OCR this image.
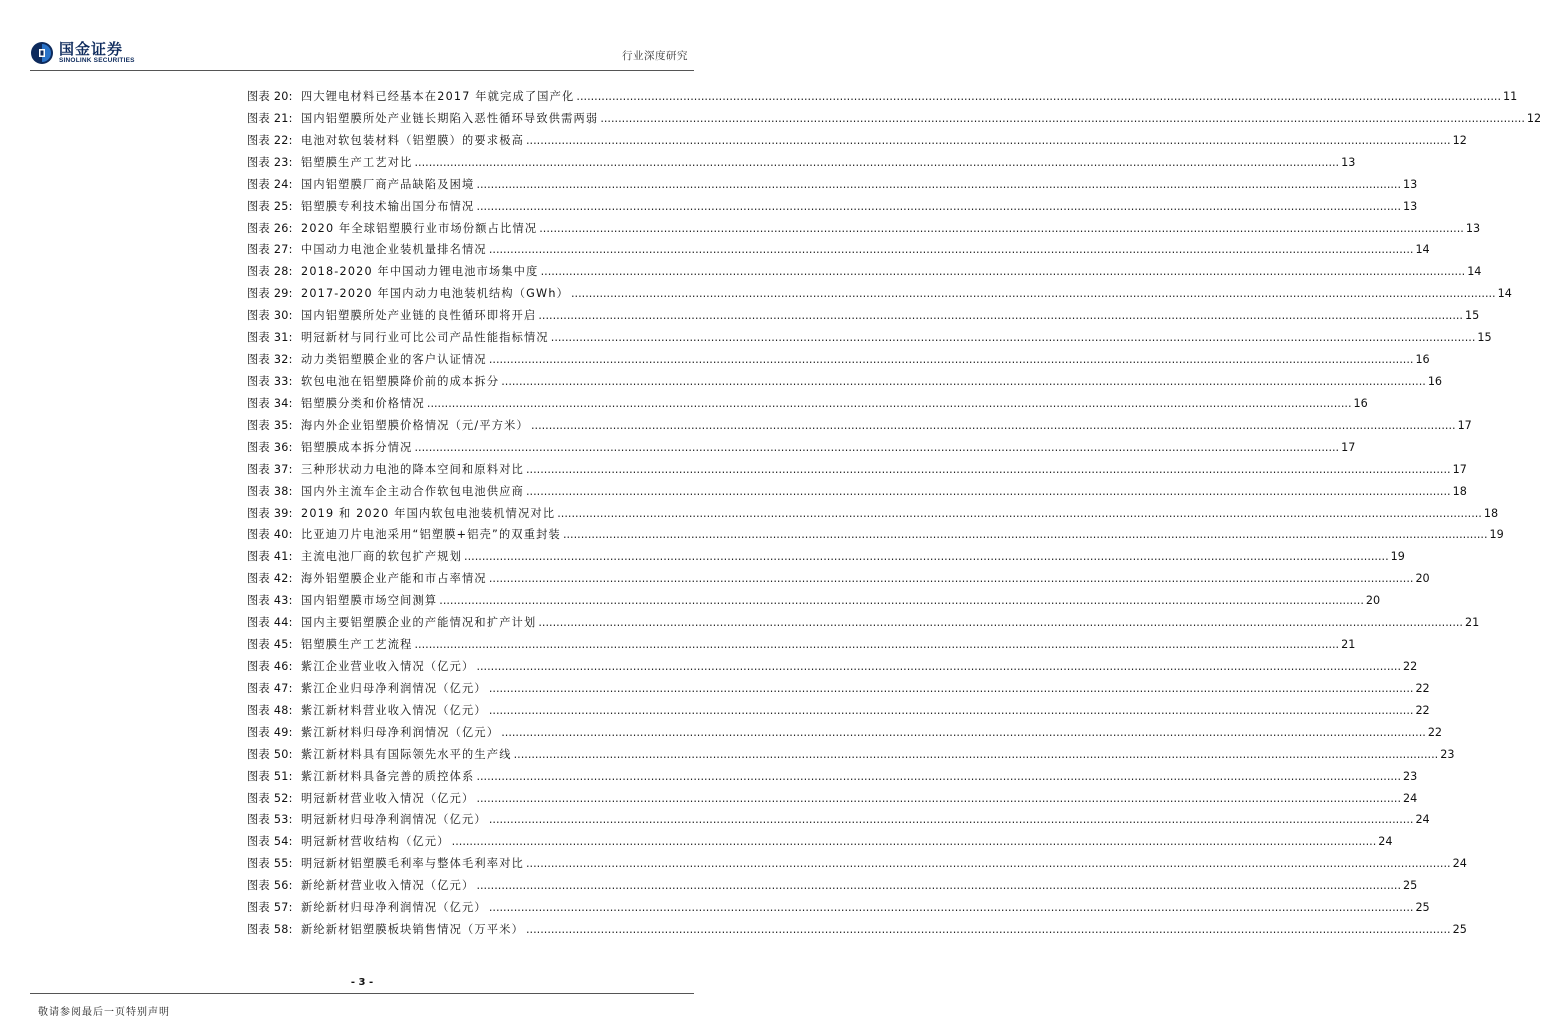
国金证券
SINOLINK SECURITIES	行业深度研究
图表 20: 四大锂电材料已经基本在2017 年就完成了国产化 .....	11
图表 21: 国内铝塑膜所处产业链长期陷入恶性循环导致供需两弱 .....	12
图表 22: 电池对软包装材料（铝塑膜）的要求极高 .....	12
图表 23: 铝塑膜生产工艺对比 .....	13
图表 24: 国内铝塑膜厂商产品缺陷及困境 .....	13
图表 25: 铝塑膜专利技术输出国分布情况 .....	13
图表 26: 2020 年全球铝塑膜行业市场份额占比情况 .....	13
图表 27: 中国动力电池企业装机量排名情况 .....	14
图表 28: 2018-2020 年中国动力锂电池市场集中度 .....	14
图表 29: 2017-2020 年国内动力电池装机结构（GWh） .....	14
图表 30: 国内铝塑膜所处产业链的良性循环即将开启 .....	15
图表 31: 明冠新材与同行业可比公司产品性能指标情况 .....	15
图表 32: 动力类铝塑膜企业的客户认证情况 .....	16
图表 33: 软包电池在铝塑膜降价前的成本拆分 .....	16
图表 34: 铝塑膜分类和价格情况 .....	16
图表 35: 海内外企业铝塑膜价格情况（元/平方米） .....	17
图表 36: 铝塑膜成本拆分情况 .....	17
图表 37: 三种形状动力电池的降本空间和原料对比 .....	17
图表 38: 国内外主流车企主动合作软包电池供应商 .....	18
图表 39: 2019 和 2020 年国内软包电池装机情况对比 .....	18
图表 40: 比亚迪刀片电池采用“铝塑膜+铝壳”的双重封装 .....	19
图表 41: 主流电池厂商的软包扩产规划 .....	19
图表 42: 海外铝塑膜企业产能和市占率情况 .....	20
图表 43: 国内铝塑膜市场空间测算 .....	20
图表 44: 国内主要铝塑膜企业的产能情况和扩产计划 .....	21
图表 45: 铝塑膜生产工艺流程 .....	21
图表 46: 紫江企业营业收入情况（亿元） .....	22
图表 47: 紫江企业归母净利润情况（亿元） .....	22
图表 48: 紫江新材料营业收入情况（亿元） .....	22
图表 49: 紫江新材料归母净利润情况（亿元） .....	22
图表 50: 紫江新材料具有国际领先水平的生产线 .....	23
图表 51: 紫江新材料具备完善的质控体系 .....	23
图表 52: 明冠新材营业收入情况（亿元） .....	24
图表 53: 明冠新材归母净利润情况（亿元） .....	24
图表 54: 明冠新材营收结构（亿元） .....	24
图表 55: 明冠新材铝塑膜毛利率与整体毛利率对比 .....	24
图表 56: 新纶新材营业收入情况（亿元） .....	25
图表 57: 新纶新材归母净利润情况（亿元） .....	25
图表 58: 新纶新材铝塑膜板块销售情况（万平米） .....	25
- 3 -
敬请参阅最后一页特别声明
